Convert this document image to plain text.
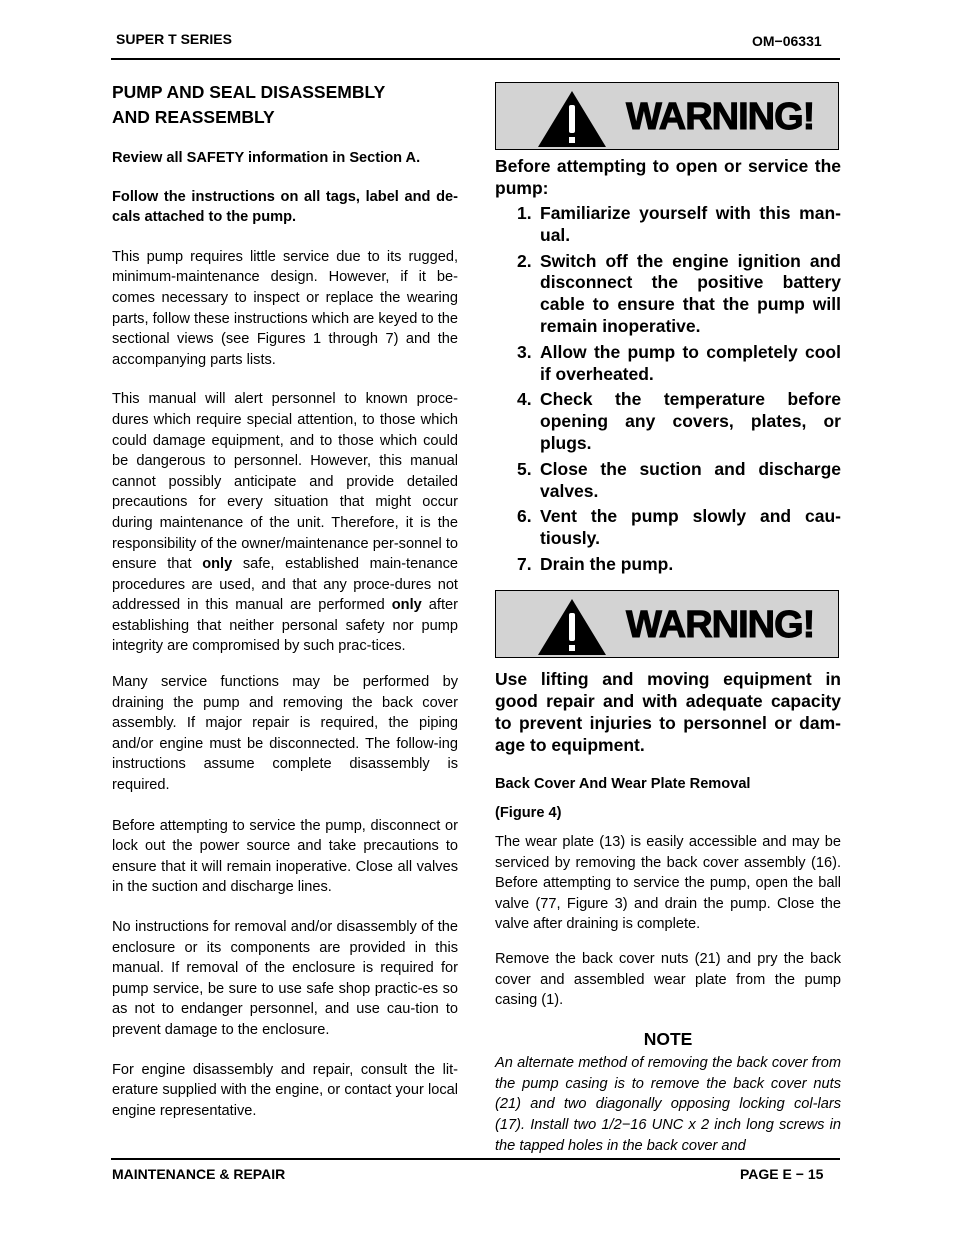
SUPER T SERIES	OM−06331
PUMP AND SEAL DISASSEMBLY
AND REASSEMBLY

Review all SAFETY information in Section A.

Follow the instructions on all tags, label and de-cals attached to the pump.

This pump requires little service due to its rugged, minimum-maintenance design. However, if it be-comes necessary to inspect or replace the wearing parts, follow these instructions which are keyed to the sectional views (see Figures 1 through 7) and the accompanying parts lists.

This manual will alert personnel to known proce-dures which require special attention, to those which could damage equipment, and to those which could be dangerous to personnel. However, this manual cannot possibly anticipate and provide detailed precautions for every situation that might occur during maintenance of the unit. Therefore, it is the responsibility of the owner/maintenance per-sonnel to ensure that only safe, established main-tenance procedures are used, and that any proce-dures not addressed in this manual are performed only after establishing that neither personal safety nor pump integrity are compromised by such prac-tices.

Many service functions may be performed by draining the pump and removing the back cover assembly. If major repair is required, the piping and/or engine must be disconnected. The follow-ing instructions assume complete disassembly is required.

Before attempting to service the pump, disconnect or lock out the power source and take precautions to ensure that it will remain inoperative. Close all valves in the suction and discharge lines.

No instructions for removal and/or disassembly of the enclosure or its components are provided in this manual. If removal of the enclosure is required for pump service, be sure to use safe shop practic-es so as not to endanger personnel, and use cau-tion to prevent damage to the enclosure.

For engine disassembly and repair, consult the lit-erature supplied with the engine, or contact your local engine representative.

WARNING!
Before attempting to open or service the pump:
1. Familiarize yourself with this man-ual.
2. Switch off the engine ignition and disconnect the positive battery cable to ensure that the pump will remain inoperative.
3. Allow the pump to completely cool if overheated.
4. Check the temperature before opening any covers, plates, or plugs.
5. Close the suction and discharge valves.
6. Vent the pump slowly and cau-tiously.
7. Drain the pump.
WARNING!
Use lifting and moving equipment in good repair and with adequate capacity to prevent injuries to personnel or dam-age to equipment.
Back Cover And Wear Plate Removal
(Figure 4)

The wear plate (13) is easily accessible and may be serviced by removing the back cover assembly (16). Before attempting to service the pump, open the ball valve (77, Figure 3) and drain the pump. Close the valve after draining is complete.

Remove the back cover nuts (21) and pry the back cover and assembled wear plate from the pump casing (1).

NOTE

An alternate method of removing the back cover from the pump casing is to remove the back cover nuts (21) and two diagonally opposing locking col-lars (17). Install two 1/2−16 UNC x 2 inch long screws in the tapped holes in the back cover and

MAINTENANCE & REPAIR	PAGE E − 15
